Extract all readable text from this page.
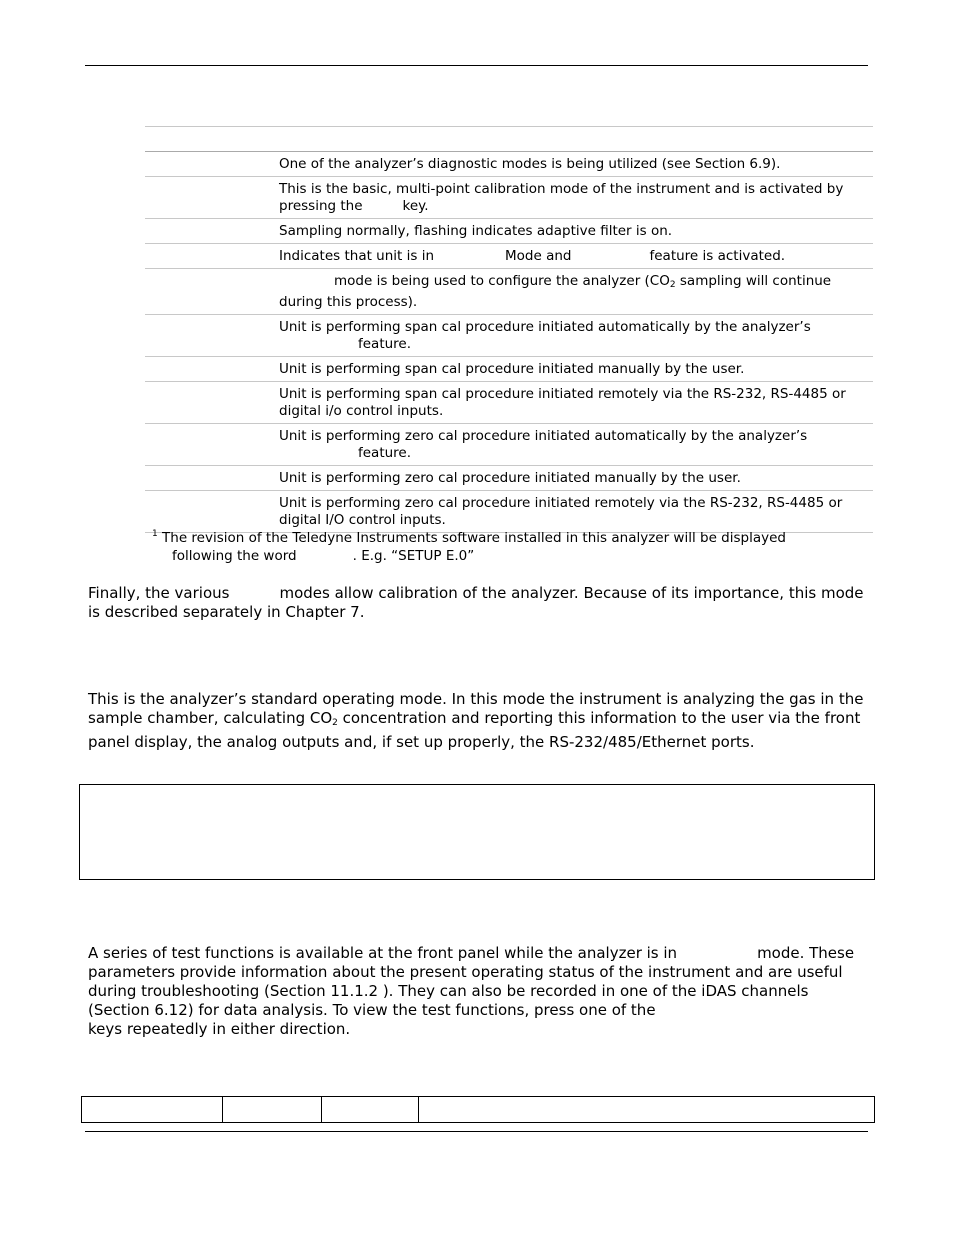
One of the analyzer’s diagnostic modes is being utilized (see Section 6.9).
This is the basic, multi-point calibration mode of the instrument and is activated by pressing the	key.
Sampling normally, flashing indicates adaptive filter is on.
Indicates that unit is in	Mode and	feature is activated.
mode is being used to configure the analyzer ($CO_2$ sampling will continue during this process).
Unit is performing span cal procedure initiated automatically by the analyzer’s
feature.
Unit is performing span cal procedure initiated manually by the user.
Unit is performing span cal procedure initiated remotely via the RS-232, RS-4485 or digital i/o control inputs.
Unit is performing zero cal procedure initiated automatically by the analyzer’s
feature.
Unit is performing zero cal procedure initiated manually by the user.
Unit is performing zero cal procedure initiated remotely via the RS-232, RS-4485 or digital I/O control inputs.
$^1$ The revision of the Teledyne Instruments software installed in this analyzer will be displayed
following the word	. E.g. “SETUP E.0”
Finally, the various	modes allow calibration of the analyzer. Because of its importance, this mode is described separately in Chapter 7.
This is the analyzer’s standard operating mode. In this mode the instrument is analyzing the gas in the sample chamber, calculating $CO_2$ concentration and reporting this information to the user via the front panel display, the analog outputs and, if set up properly, the RS-232/485/Ethernet ports.
A series of test functions is available at the front panel while the analyzer is in	mode. These parameters provide information about the present operating status of the instrument and are useful during troubleshooting (Section 11.1.2 ). They can also be recorded in one of the iDAS channels (Section 6.12) for data analysis. To view the test functions, press one of the
keys repeatedly in either direction.
